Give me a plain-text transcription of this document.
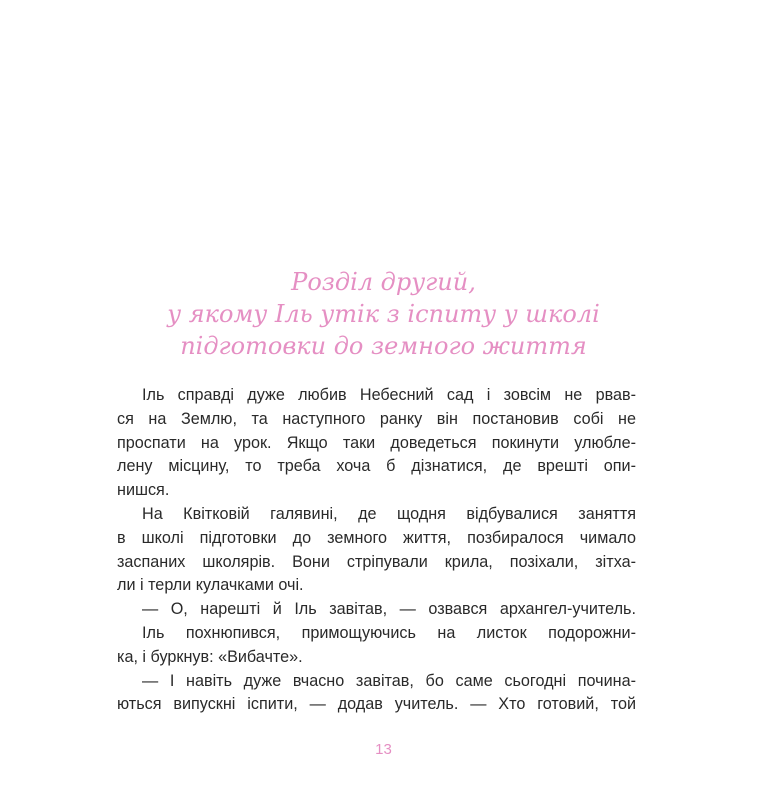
Розділ другий,
у якому Іль утік з іспиту у школі
підготовки до земного життя
Іль справді дуже любив Небесний сад і зовсім не рвав-
ся на Землю, та наступного ранку він постановив собі не
проспати на урок. Якщо таки доведеться покинути улюбле-
лену місцину, то треба хоча б дізнатися, де врешті опи-
нишся.
На Квітковій галявині, де щодня відбувалися заняття
в школі підготовки до земного життя, позбиралося чимало
заспаних школярів. Вони стріпували крила, позіхали, зітха-
ли і терли кулачками очі.
— О, нарешті й Іль завітав, — озвався архангел-учитель.
Іль похнюпився, примощуючись на листок подорожни-
ка, і буркнув: «Вибачте».
— І навіть дуже вчасно завітав, бо саме сьогодні почина-
ються випускні іспити, — додав учитель. — Хто готовий, той
13
